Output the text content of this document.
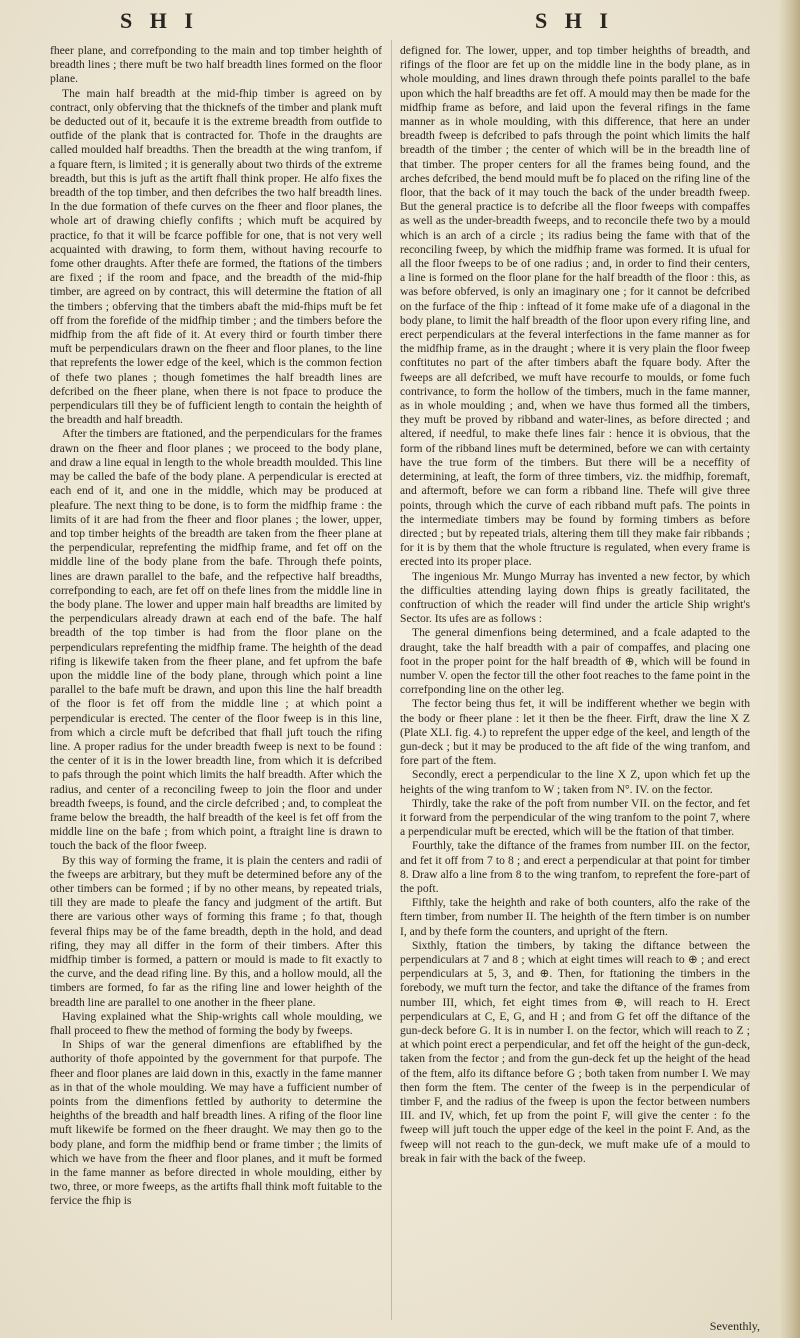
S H I	S H I

fheer plane, and correfponding to the main and top timber heighth of breadth lines ; there muft be two half breadth lines formed on the floor plane.

The main half breadth at the mid-fhip timber is agreed on by contract, only obferving that the thicknefs of the timber and plank muft be deducted out of it, becaufe it is the extreme breadth from outfide to outfide of the plank that is contracted for. Thofe in the draughts are called moulded half breadths. Then the breadth at the wing tranfom, if a fquare ftern, is limited ; it is generally about two thirds of the extreme breadth, but this is juft as the artift fhall think proper. He alfo fixes the breadth of the top timber, and then defcribes the two half breadth lines. In the due formation of thefe curves on the fheer and floor planes, the whole art of drawing chiefly confifts ; which muft be acquired by practice, fo that it will be fcarce poffible for one, that is not very well acquainted with drawing, to form them, without having recourfe to fome other draughts. After thefe are formed, the ftations of the timbers are fixed ; if the room and fpace, and the breadth of the mid-fhip timber, are agreed on by contract, this will determine the ftation of all the timbers ; obferving that the timbers abaft the mid-fhips muft be fet off from the forefide of the midfhip timber ; and the timbers before the midfhip from the aft fide of it. At every third or fourth timber there muft be perpendiculars drawn on the fheer and floor planes, to the line that reprefents the lower edge of the keel, which is the common fection of thefe two planes ; though fometimes the half breadth lines are defcribed on the fheer plane, when there is not fpace to produce the perpendiculars till they be of fufficient length to contain the heighth of the breadth and half breadth.

After the timbers are ftationed, and the perpendiculars for the frames drawn on the fheer and floor planes ; we proceed to the body plane, and draw a line equal in length to the whole breadth moulded. This line may be called the bafe of the body plane. A perpendicular is erected at each end of it, and one in the middle, which may be produced at pleafure. The next thing to be done, is to form the midfhip frame : the limits of it are had from the fheer and floor planes ; the lower, upper, and top timber heights of the breadth are taken from the fheer plane at the perpendicular, reprefenting the midfhip frame, and fet off on the middle line of the body plane from the bafe. Through thefe points, lines are drawn parallel to the bafe, and the refpective half breadths, correfponding to each, are fet off on thefe lines from the middle line in the body plane. The lower and upper main half breadths are limited by the perpendiculars already drawn at each end of the bafe. The half breadth of the top timber is had from the floor plane on the perpendiculars reprefenting the midfhip frame. The heighth of the dead rifing is likewife taken from the fheer plane, and fet upfrom the bafe upon the middle line of the body plane, through which point a line parallel to the bafe muft be drawn, and upon this line the half breadth of the floor is fet off from the middle line ; at which point a perpendicular is erected. The center of the floor fweep is in this line, from which a circle muft be defcribed that fhall juft touch the rifing line. A proper radius for the under breadth fweep is next to be found : the center of it is in the lower breadth line, from which it is defcribed to pafs through the point which limits the half breadth. After which the radius, and center of a reconciling fweep to join the floor and under breadth fweeps, is found, and the circle defcribed ; and, to compleat the frame below the breadth, the half breadth of the keel is fet off from the middle line on the bafe ; from which point, a ftraight line is drawn to touch the back of the floor fweep.

By this way of forming the frame, it is plain the centers and radii of the fweeps are arbitrary, but they muft be determined before any of the other timbers can be formed ; if by no other means, by repeated trials, till they are made to pleafe the fancy and judgment of the artift. But there are various other ways of forming this frame ; fo that, though feveral fhips may be of the fame breadth, depth in the hold, and dead rifing, they may all differ in the form of their timbers. After this midfhip timber is formed, a pattern or mould is made to fit exactly to the curve, and the dead rifing line. By this, and a hollow mould, all the timbers are formed, fo far as the rifing line and lower heighth of the breadth line are parallel to one another in the fheer plane.

Having explained what the Ship-wrights call whole moulding, we fhall proceed to fhew the method of forming the body by fweeps.

In Ships of war the general dimenfions are eftablifhed by the authority of thofe appointed by the government for that purpofe. The fheer and floor planes are laid down in this, exactly in the fame manner as in that of the whole moulding. We may have a fufficient number of points from the dimenfions fettled by authority to determine the heighths of the breadth and half breadth lines. A rifing of the floor line muft likewife be formed on the fheer draught. We may then go to the body plane, and form the midfhip bend or frame timber ; the limits of which we have from the fheer and floor planes, and it muft be formed in the fame manner as before directed in whole moulding, either by two, three, or more fweeps, as the artifts fhall think moft fuitable to the fervice the fhip is

defigned for. The lower, upper, and top timber heighths of breadth, and rifings of the floor are fet up on the middle line in the body plane, as in whole moulding, and lines drawn through thefe points parallel to the bafe upon which the half breadths are fet off. A mould may then be made for the midfhip frame as before, and laid upon the feveral rifings in the fame manner as in whole moulding, with this difference, that here an under breadth fweep is defcribed to pafs through the point which limits the half breadth of the timber ; the center of which will be in the breadth line of that timber. The proper centers for all the frames being found, and the arches defcribed, the bend mould muft be fo placed on the rifing line of the floor, that the back of it may touch the back of the under breadth fweep. But the general practice is to defcribe all the floor fweeps with compaffes as well as the under-breadth fweeps, and to reconcile thefe two by a mould which is an arch of a circle ; its radius being the fame with that of the reconciling fweep, by which the midfhip frame was formed. It is ufual for all the floor fweeps to be of one radius ; and, in order to find their centers, a line is formed on the floor plane for the half breadth of the floor : this, as was before obferved, is only an imaginary one ; for it cannot be defcribed on the furface of the fhip : inftead of it fome make ufe of a diagonal in the body plane, to limit the half breadth of the floor upon every rifing line, and erect perpendiculars at the feveral interfections in the fame manner as for the midfhip frame, as in the draught ; where it is very plain the floor fweep conftitutes no part of the after timbers abaft the fquare body. After the fweeps are all defcribed, we muft have recourfe to moulds, or fome fuch contrivance, to form the hollow of the timbers, much in the fame manner, as in whole moulding ; and, when we have thus formed all the timbers, they muft be proved by ribband and water-lines, as before directed ; and altered, if needful, to make thefe lines fair : hence it is obvious, that the form of the ribband lines muft be determined, before we can with certainty have the true form of the timbers. But there will be a neceffity of determining, at leaft, the form of three timbers, viz. the midfhip, foremaft, and aftermoft, before we can form a ribband line. Thefe will give three points, through which the curve of each ribband muft pafs. The points in the intermediate timbers may be found by forming timbers as before directed ; but by repeated trials, altering them till they make fair ribbands ; for it is by them that the whole ftructure is regulated, when every frame is erected into its proper place.

The ingenious Mr. Mungo Murray has invented a new fector, by which the difficulties attending laying down fhips is greatly facilitated, the conftruction of which the reader will find under the article Ship wright's Sector. Its ufes are as follows :

The general dimenfions being determined, and a fcale adapted to the draught, take the half breadth with a pair of compaffes, and placing one foot in the proper point for the half breadth of ⊕, which will be found in number V. open the fector till the other foot reaches to the fame point in the correfponding line on the other leg.

The fector being thus fet, it will be indifferent whether we begin with the body or fheer plane : let it then be the fheer. Firft, draw the line X Z (Plate XLI. fig. 4.) to reprefent the upper edge of the keel, and length of the gun-deck ; but it may be produced to the aft fide of the wing tranfom, and fore part of the ftem.

Secondly, erect a perpendicular to the line X Z, upon which fet up the heights of the wing tranfom to W ; taken from N°. IV. on the fector.

Thirdly, take the rake of the poft from number VII. on the fector, and fet it forward from the perpendicular of the wing tranfom to the point 7, where a perpendicular muft be erected, which will be the ftation of that timber.

Fourthly, take the diftance of the frames from number III. on the fector, and fet it off from 7 to 8 ; and erect a perpendicular at that point for timber 8. Draw alfo a line from 8 to the wing tranfom, to reprefent the fore-part of the poft.

Fifthly, take the heighth and rake of both counters, alfo the rake of the ftern timber, from number II. The heighth of the ftern timber is on number I, and by thefe form the counters, and upright of the ftern.

Sixthly, ftation the timbers, by taking the diftance between the perpendiculars at 7 and 8 ; which at eight times will reach to ⊕ ; and erect perpendiculars at 5, 3, and ⊕. Then, for ftationing the timbers in the forebody, we muft turn the fector, and take the diftance of the frames from number III, which, fet eight times from ⊕, will reach to H. Erect perpendiculars at C, E, G, and H ; and from G fet off the diftance of the gun-deck before G. It is in number I. on the fector, which will reach to Z ; at which point erect a perpendicular, and fet off the height of the gun-deck, taken from the fector ; and from the gun-deck fet up the height of the head of the ftem, alfo its diftance before G ; both taken from number I. We may then form the ftem. The center of the fweep is in the perpendicular of timber F, and the radius of the fweep is upon the fector between numbers III. and IV, which, fet up from the point F, will give the center : fo the fweep will juft touch the upper edge of the keel in the point F. And, as the fweep will not reach to the gun-deck, we muft make ufe of a mould to break in fair with the back of the fweep.

Seventhly,
